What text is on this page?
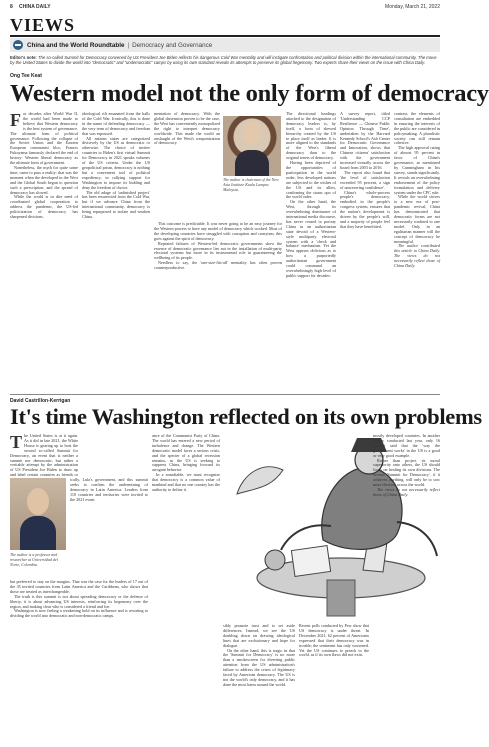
8 CHINA DAILY	Monday, March 21, 2022
VIEWS
China and the World Roundtable | Democracy and Governance
Editor's note: The so-called Summit for Democracy convened by US President Joe Biden reflects his dangerous Cold War mentality and will instigate confrontation and political division within the international community. The move by the United States to divide the world into "democratic" and "undemocratic" camps by using its own standard reveals its attempts to preserve its global hegemony. Two experts share their views on the issue with China Daily.
Ong Tee Keat
Western model not the only form of democracy
F or decades after World War II, the world had been made to believe that Western democracy is the best system of governance. The ultimate form of political governance. Following the collapse of the Soviet Union and the Eastern European communist bloc, Francis Fukuyama famously declared the end of history: Western liberal democracy as the ultimate form of government.

Nonetheless, the myth for quite some time, came to pass a reality: that was the moment when the developed in the West and the Global South began to question such a prescription, and the spread of democracy has slowed.

While the world is in dire need of coordinated global cooperation to address the pandemic, the US-led politicization of democracy has sharpened divisions.

ideological rift emanated from the halls of the Cold War. Ironically, this is done in the name of defending democracy — the very term of democracy and freedom that was espoused.

All nations states are categorized divisively by the US as democratic or otherwise. The choice of invitee countries to Biden's first virtual Summit for Democracy in 2021 speaks volumes of the US criteria. Under the US geopolitical prism, democracy is nothing but a convenient tool of political expediency, in rallying support for Washington to impose its bidding and deny the freedom of choice.

The old adage of 'unfinished project' has been resurrected from the Cold War, but if we advance China from the international community, democracy is being repurposed to isolate and weaken China.

mentation of democracy. With the global dissension proven to be the case, the West has conveniently monopolized the right to interpret democracy worldwide. This made the world an onslaught of the West's weaponization of democracy.

The author is chairman of the New Asia Institute Kuala Lumpur, Malaysia.

This outcome is predictable. It was never going to be an easy journey for the Western powers to have any model of democracy which worked. Most of the developing countries have struggled with corruption and cronyism; this goes against the spirit of democracy.

Repeated failures of Western-led democratic governments show the essence of democratic governance lies not in the installation of multi-party electoral systems but more in its instrumental role in guaranteeing the wellbeing of its people.

Needless to say, the 'one-size-fits-all' mentality has often proven counterproductive.

The directional headings attached to the designation of democracy leaders is, by itself, a form of skewed hierarchy created by the US to place itself as leader. It is more aligned to the standards of the West's liberal democracy than to the original tenets of democracy.

Having been deprived of the opportunities of participation in the world order, less developed nations are subjected to the wishes of the US and its allies, confirming the status quo of the world order.

On the other hand, the West, through its overwhelming dominance of international media discourse, has never ceased to portray China as an authoritarian state devoid of a Western-style multiparty electoral system with a 'check and balance' mechanism. Yet the West appears oblivious as to how a purportedly authoritarian government could command an overwhelmingly high level of public support for decades.

A survey report, titled 'Understanding CCP Resilience — Chinese Public Opinion Through Time', undertaken by the Harvard Kennedy School's Ash Center for Democratic Governance and Innovation, shows that Chinese citizens' satisfaction with the government increased virtually across the board from 2003 to 2016.

The report also found that 'the level of satisfaction exceeded 95 percent, a sign of unwavering confidence'.

China's whole-process people's democracy, embodied in the people's congress system, ensures that the nation's development is driven by the people's will, and a majority of people feel that they have benefitted.

contrast, the elements of consultation are embedded in ensuring the interests of the public are considered in policymaking. A pluralistic society can still remain cohesive.

The high approval rating of almost 95 percent in favor of China's governance, as mentioned by Cunningham in his survey, stands significantly. It reveals an overwhelming endorsement of the policy formulation and delivery system under the CPC rule.

While the world strives to a new era of post-pandemic revival, China has demonstrated that democratic forms are not necessarily confined to one model. Only in an egalitarian manner will the concept of democracy be meaningful.

The author contributed this article to China Daily. The views do not necessarily reflect those of China Daily.

David Castrillon-Kerrigan
It's time Washington reflected on its own problems
T he United States is at it again. As it did in late 2021, the White House is gearing up to host the second so-called Summit for Democracy, an event that is neither a summit nor democratic, but rather a veritable attempt by the administration of US President Joe Biden to draw up and label certain countries as friends or

The author is a professor and researcher at Universidad del Norte, Colombia.

ically, Lula's government, and this summit seeks to confirm the undermining of democracy in Latin America. Leaders from 110 countries and territories were invited to the 2021 event.

but preferred to stay on the margins. That was the case for the leaders of 17 out of the 35 invited countries from Latin America and the Caribbean, who shows that those are treated as interchangeable.

The truth is this summit is not about spreading democracy or the defense of liberty; it is about advancing US interests, reinforcing its hegemony over the region, and making clear who is considered a friend and foe.

Washington is now feeling a weakening hold on its influence and is resorting to dividing the world into democratic and non-democratic camps.

ance of the Communist Party of China. The world has entered a new period of turbulence and change. The Western democratic model faces a serious crisis, and the specter of a global recession remains, as the US is seeking to suppress China, bringing forward its arrogant behavior.

In a roundtable, we must recognize that democracy is a common value of mankind and that no one country has the authority to define it.

sibly promote trust and to set aside differences. Instead, we see the US doubling down on drawing ideological lines that are exclusionary and hope for dialogue.

On the other hand, this is tragic in that the 'Summit for Democracy' is no more than a smokescreen for diverting public attention from the US administration's failure to address the crises of legitimacy faced by American democracy. The US is not the world's only democracy, and it has done the most harm around the world.

Recent polls conducted by Pew show that US democracy is under threat. In December 2021, 62 percent of Americans expressed that their democracy was in trouble; the sentiment has only worsened. Yet the US continues to preach to the world, as if its own flaws did not exist.

mostly developed countries. In another survey conducted last year, only 16 percent said that the 'way the government works' in the US is a good or very good example.

Rather than project its moral superiority onto others, the US should focus on healing its own divisions. The second 'Summit for Democracy', if it achieves anything, will only be to sow more division across the world.

The views do not necessarily reflect those of China Daily.
